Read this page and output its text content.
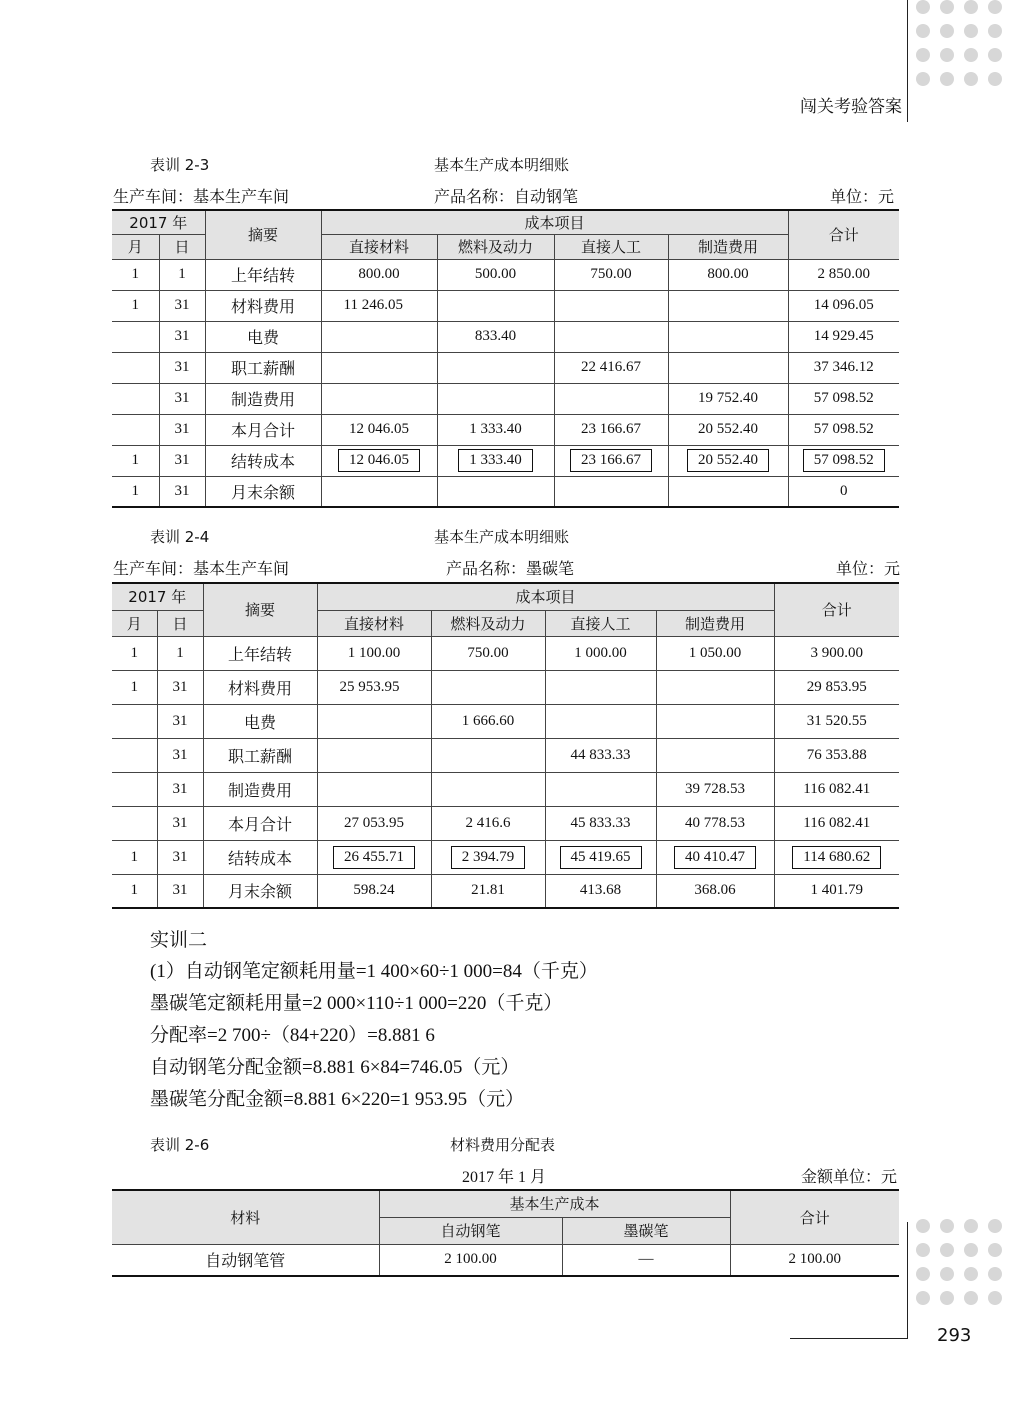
闯关考验答案
表训 2-3	基本生产成本明细账
生产车间：基本生产车间	产品名称：自动钢笔	单位：元
2017 年		摘要	成本项目				合计
月	日		直接材料	燃料及动力	直接人工	制造费用	
1	1	上年结转	800.00	500.00	750.00	800.00	2 850.00
1	31	材料费用	11 246.05				14 096.05
	31	电费		833.40			14 929.45
	31	职工薪酬			22 416.67		37 346.12
	31	制造费用				19 752.40	57 098.52
	31	本月合计	12 046.05	1 333.40	23 166.67	20 552.40	57 098.52
1	31	结转成本	12 046.05	1 333.40	23 166.67	20 552.40	57 098.52
1	31	月末余额					0
表训 2-4	基本生产成本明细账
生产车间：基本生产车间	产品名称：墨碳笔	单位：元
2017 年		摘要	成本项目				合计
月	日		直接材料	燃料及动力	直接人工	制造费用	
1	1	上年结转	1 100.00	750.00	1 000.00	1 050.00	3 900.00
1	31	材料费用	25 953.95				29 853.95
	31	电费		1 666.60			31 520.55
	31	职工薪酬			44 833.33		76 353.88
	31	制造费用				39 728.53	116 082.41
	31	本月合计	27 053.95	2 416.6	45 833.33	40 778.53	116 082.41
1	31	结转成本	26 455.71	2 394.79	45 419.65	40 410.47	114 680.62
1	31	月末余额	598.24	21.81	413.68	368.06	1 401.79
实训二
(1）自动钢笔定额耗用量=1 400×60÷1 000=84（千克）
墨碳笔定额耗用量=2 000×110÷1 000=220（千克）
分配率=2 700÷（84+220）=8.881 6
自动钢笔分配金额=8.881 6×84=746.05（元）
墨碳笔分配金额=8.881 6×220=1 953.95（元）
表训 2-6	材料费用分配表
2017 年 1 月	金额单位：元
材料	基本生产成本		合计
	自动钢笔	墨碳笔	
自动钢笔管	2 100.00	—	2 100.00
293
